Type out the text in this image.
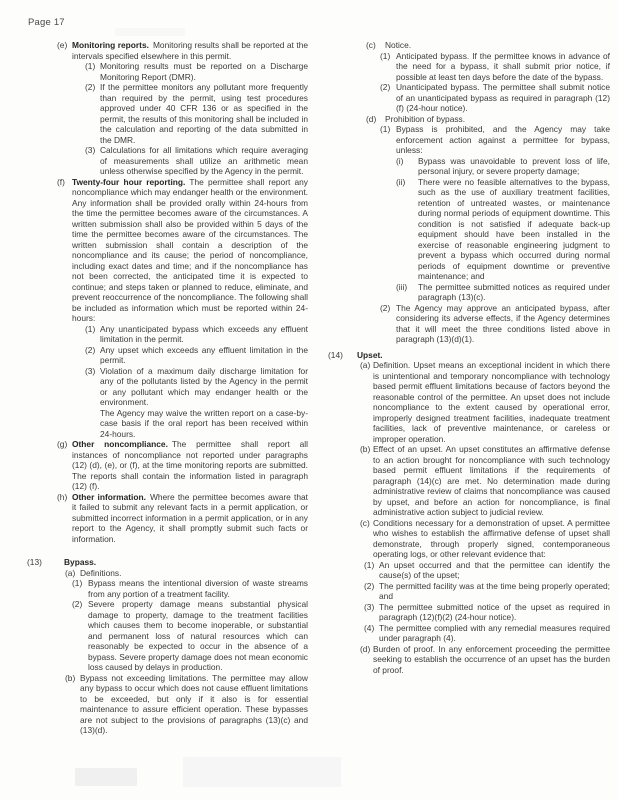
Page 17
(e) Monitoring reports. Monitoring results shall be reported at the intervals specified elsewhere in this permit.
(1) Monitoring results must be reported on a Discharge Monitoring Report (DMR).
(2) If the permittee monitors any pollutant more frequently than required by the permit, using test procedures approved under 40 CFR 136 or as specified in the permit, the results of this monitoring shall be included in the calculation and reporting of the data submitted in the DMR.
(3) Calculations for all limitations which require averaging of measurements shall utilize an arithmetic mean unless otherwise specified by the Agency in the permit.
(f) Twenty-four hour reporting. The permittee shall report any noncompliance which may endanger health or the environment. Any information shall be provided orally within 24-hours from the time the permittee becomes aware of the circumstances. A written submission shall also be provided within 5 days of the time the permittee becomes aware of the circumstances. The written submission shall contain a description of the noncompliance and its cause; the period of noncompliance, including exact dates and time; and if the noncompliance has not been corrected, the anticipated time it is expected to continue; and steps taken or planned to reduce, eliminate, and prevent reoccurrence of the noncompliance. The following shall be included as information which must be reported within 24-hours:
(1) Any unanticipated bypass which exceeds any effluent limitation in the permit.
(2) Any upset which exceeds any effluent limitation in the permit.
(3) Violation of a maximum daily discharge limitation for any of the pollutants listed by the Agency in the permit or any pollutant which may endanger health or the environment.
The Agency may waive the written report on a case-by-case basis if the oral report has been received within 24-hours.
(g) Other noncompliance. The permittee shall report all instances of noncompliance not reported under paragraphs (12) (d), (e), or (f), at the time monitoring reports are submitted. The reports shall contain the information listed in paragraph (12) (f).
(h) Other information. Where the permittee becomes aware that it failed to submit any relevant facts in a permit application, or submitted incorrect information in a permit application, or in any report to the Agency, it shall promptly submit such facts or information.
(13)	Bypass.
(a) Definitions.
(1) Bypass means the intentional diversion of waste streams from any portion of a treatment facility.
(2) Severe property damage means substantial physical damage to property, damage to the treatment facilities which causes them to become inoperable, or substantial and permanent loss of natural resources which can reasonably be expected to occur in the absence of a bypass. Severe property damage does not mean economic loss caused by delays in production.
(b) Bypass not exceeding limitations. The permittee may allow any bypass to occur which does not cause effluent limitations to be exceeded, but only if it also is for essential maintenance to assure efficient operation. These bypasses are not subject to the provisions of paragraphs (13)(c) and (13)(d).
(c) Notice.
(1) Anticipated bypass. If the permittee knows in advance of the need for a bypass, it shall submit prior notice, if possible at least ten days before the date of the bypass.
(2) Unanticipated bypass. The permittee shall submit notice of an unanticipated bypass as required in paragraph (12)(f) (24-hour notice).
(d) Prohibition of bypass.
(1) Bypass is prohibited, and the Agency may take enforcement action against a permittee for bypass, unless:
(i) Bypass was unavoidable to prevent loss of life, personal injury, or severe property damage;
(ii) There were no feasible alternatives to the bypass, such as the use of auxiliary treatment facilities, retention of untreated wastes, or maintenance during normal periods of equipment downtime. This condition is not satisfied if adequate back-up equipment should have been installed in the exercise of reasonable engineering judgment to prevent a bypass which occurred during normal periods of equipment downtime or preventive maintenance; and
(iii) The permittee submitted notices as required under paragraph (13)(c).
(2) The Agency may approve an anticipated bypass, after considering its adverse effects, if the Agency determines that it will meet the three conditions listed above in paragraph (13)(d)(1).
(14) Upset.
(a) Definition. Upset means an exceptional incident in which there is unintentional and temporary noncompliance with technology based permit effluent limitations because of factors beyond the reasonable control of the permittee. An upset does not include noncompliance to the extent caused by operational error, improperly designed treatment facilities, inadequate treatment facilities, lack of preventive maintenance, or careless or improper operation.
(b) Effect of an upset. An upset constitutes an affirmative defense to an action brought for noncompliance with such technology based permit effluent limitations if the requirements of paragraph (14)(c) are met. No determination made during administrative review of claims that noncompliance was caused by upset, and before an action for noncompliance, is final administrative action subject to judicial review.
(c) Conditions necessary for a demonstration of upset. A permittee who wishes to establish the affirmative defense of upset shall demonstrate, through properly signed, contemporaneous operating logs, or other relevant evidence that:
(1) An upset occurred and that the permittee can identify the cause(s) of the upset;
(2) The permitted facility was at the time being properly operated; and
(3) The permittee submitted notice of the upset as required in paragraph (12)(f)(2) (24-hour notice).
(4) The permittee complied with any remedial measures required under paragraph (4).
(d) Burden of proof. In any enforcement proceeding the permittee seeking to establish the occurrence of an upset has the burden of proof.
